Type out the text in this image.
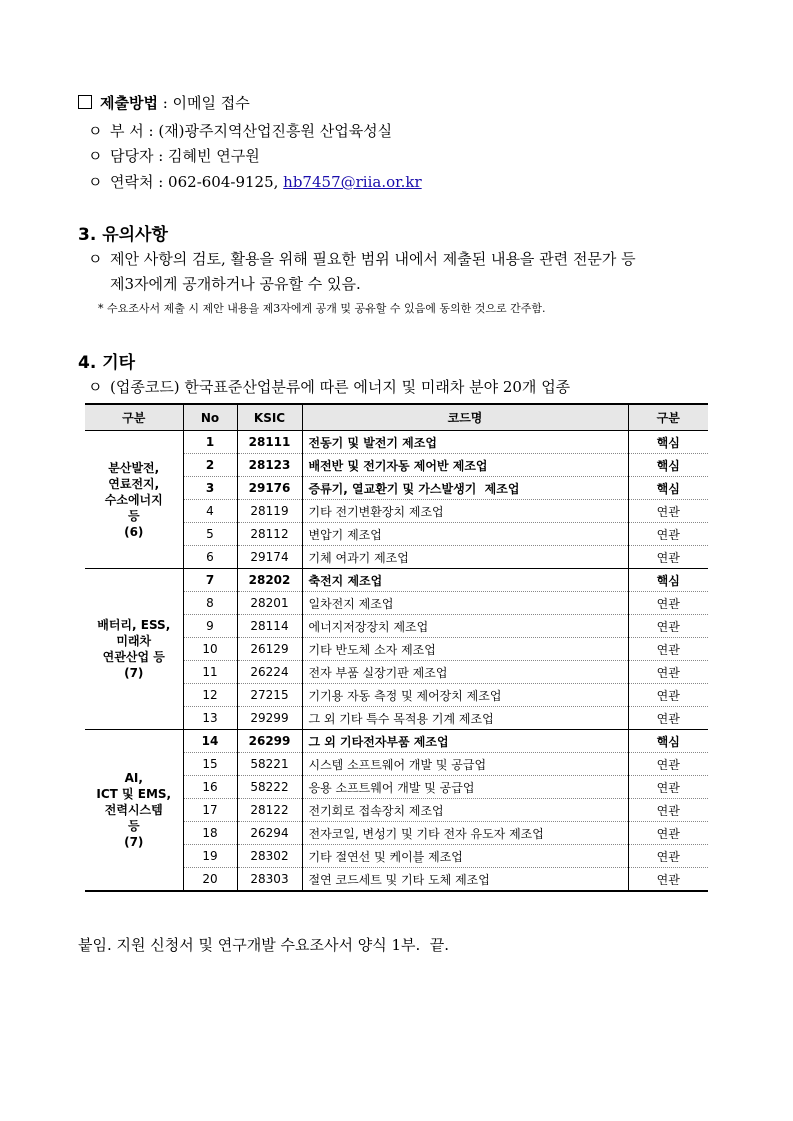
제출방법 : 이메일 접수
ㅇ 부 서 : (재)광주지역산업진흥원 산업육성실
ㅇ 담당자 : 김혜빈 연구원
ㅇ 연락처 : 062-604-9125, hb7457@riia.or.kr
3. 유의사항
ㅇ 제안 사항의 검토, 활용을 위해 필요한 범위 내에서 제출된 내용을 관련 전문가 등
제3자에게 공개하거나 공유할 수 있음.
* 수요조사서 제출 시 제안 내용을 제3자에게 공개 및 공유할 수 있음에 동의한 것으로 간주함.
4. 기타
ㅇ (업종코드) 한국표준산업분류에 따른 에너지 및 미래차 분야 20개 업종
구분	No	KSIC	코드명	구분
분산발전,
연료전지,
수소에너지
등
(6)	1	28111	전동기 및 발전기 제조업	핵심
	2	28123	배전반 및 전기자동 제어반 제조업	핵심
	3	29176	증류기, 열교환기 및 가스발생기  제조업	핵심
	4	28119	기타 전기변환장치 제조업	연관
	5	28112	변압기 제조업	연관
	6	29174	기체 여과기 제조업	연관
배터리, ESS,
미래차
연관산업 등
(7)	7	28202	축전지 제조업	핵심
	8	28201	일차전지 제조업	연관
	9	28114	에너지저장장치 제조업	연관
	10	26129	기타 반도체 소자 제조업	연관
	11	26224	전자 부품 실장기판 제조업	연관
	12	27215	기기용 자동 측정 및 제어장치 제조업	연관
	13	29299	그 외 기타 특수 목적용 기계 제조업	연관
AI,
ICT 및 EMS,
전력시스템
등
(7)	14	26299	그 외 기타전자부품 제조업	핵심
	15	58221	시스템 소프트웨어 개발 및 공급업	연관
	16	58222	응용 소프트웨어 개발 및 공급업	연관
	17	28122	전기회로 접속장치 제조업	연관
	18	26294	전자코일, 변성기 및 기타 전자 유도자 제조업	연관
	19	28302	기타 절연선 및 케이블 제조업	연관
	20	28303	절연 코드세트 및 기타 도체 제조업	연관
붙임. 지원 신청서 및 연구개발 수요조사서 양식 1부.  끝.
